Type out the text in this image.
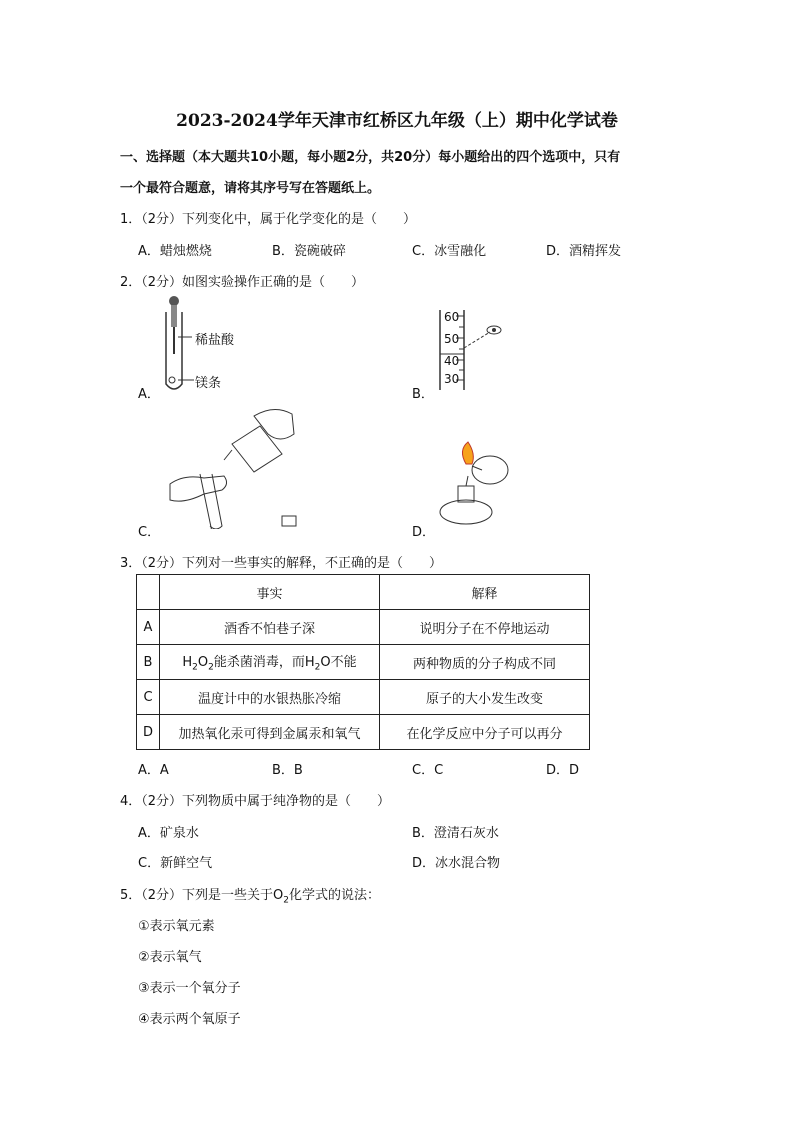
2023-2024学年天津市红桥区九年级（上）期中化学试卷
一、选择题（本大题共10小题，每小题2分，共20分）每小题给出的四个选项中，只有
一个最符合题意，请将其序号写在答题纸上。
1．（2分）下列变化中，属于化学变化的是（　　）
A．蜡烛燃烧	B．瓷碗破碎	C．冰雪融化	D．酒精挥发
2．（2分）如图实验操作正确的是（　　）
稀盐酸
镁条
A．
60
50
40
30
B．
C．	D．
3．（2分）下列对一些事实的解释，不正确的是（　　）
	事实	解释
A	酒香不怕巷子深	说明分子在不停地运动
B	$H_2O_2$能杀菌消毒，而$H_2O$不能	两种物质的分子构成不同
C	温度计中的水银热胀冷缩	原子的大小发生改变
D	加热氧化汞可得到金属汞和氧气	在化学反应中分子可以再分
A．A	B．B	C．C	D．D
4．（2分）下列物质中属于纯净物的是（　　）
A．矿泉水	B．澄清石灰水
C．新鲜空气	D．冰水混合物
5．（2分）下列是一些关于$O_2$化学式的说法：
①表示氧元素
②表示氧气
③表示一个氧分子
④表示两个氧原子
